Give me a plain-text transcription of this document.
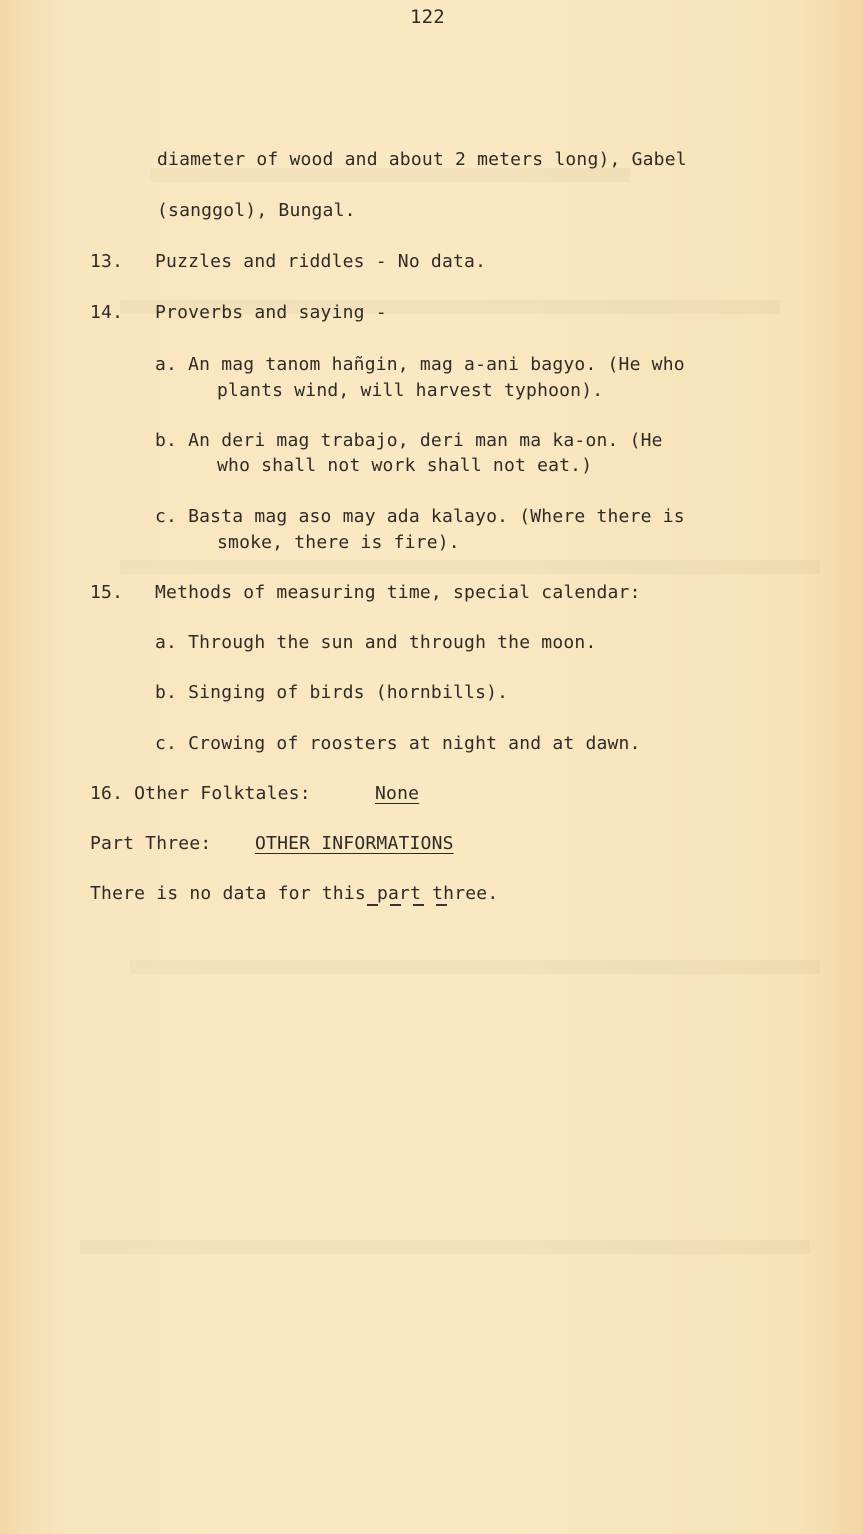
122
diameter of wood and about 2 meters long), Gabel
(sanggol), Bungal.
13. Puzzles and riddles - No data.
14. Proverbs and saying -
a. An mag tanom hañgin, mag a-ani bagyo. (He who
plants wind, will harvest typhoon).
b. An deri mag trabajo, deri man ma ka-on. (He
who shall not work shall not eat.)
c. Basta mag aso may ada kalayo. (Where there is
smoke, there is fire).
15. Methods of measuring time, special calendar:
a. Through the sun and through the moon.
b. Singing of birds (hornbills).
c. Crowing of roosters at night and at dawn.
16. Other Folktales:	None
Part Three: OTHER INFORMATIONS
There is no data for this part three.
